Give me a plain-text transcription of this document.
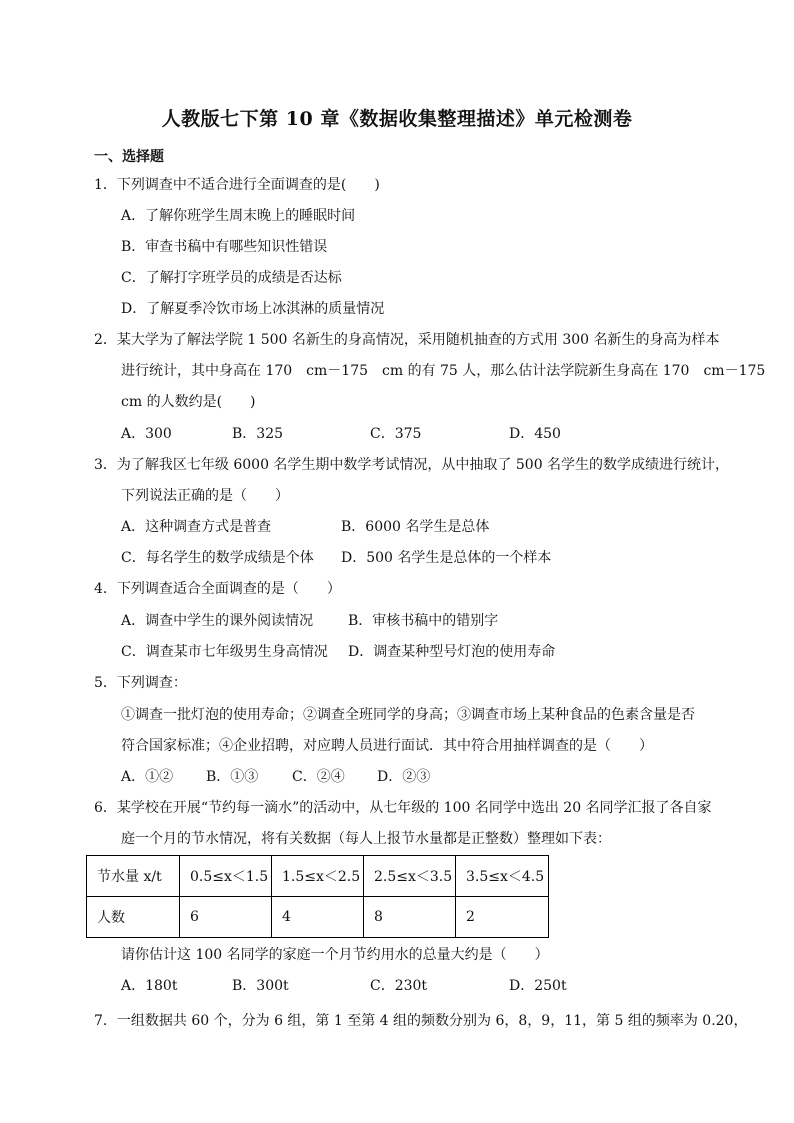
人教版七下第 10 章《数据收集整理描述》单元检测卷
一、选择题
1．下列调查中不适合进行全面调查的是(　　)
A．了解你班学生周末晚上的睡眠时间
B．审查书稿中有哪些知识性错误
C．了解打字班学员的成绩是否达标
D．了解夏季冷饮市场上冰淇淋的质量情况
2．某大学为了解法学院 1 500 名新生的身高情况，采用随机抽查的方式用 300 名新生的身高为样本
进行统计，其中身高在 170　cm－175　cm 的有 75 人，那么估计法学院新生身高在 170　cm－175
cm 的人数约是(　　)
A．300	B．325	C．375	D．450
3．为了解我区七年级 6000 名学生期中数学考试情况，从中抽取了 500 名学生的数学成绩进行统计，
下列说法正确的是（　　）
A．这种调查方式是普查	B．6000 名学生是总体
C．每名学生的数学成绩是个体 D．500 名学生是总体的一个样本
4．下列调查适合全面调查的是（　　）
A．调查中学生的课外阅读情况 B．审核书稿中的错别字
C．调查某市七年级男生身高情况 D．调查某种型号灯泡的使用寿命
5．下列调查：
①调查一批灯泡的使用寿命；②调查全班同学的身高；③调查市场上某种食品的色素含量是否
符合国家标准；④企业招聘，对应聘人员进行面试．其中符合用抽样调查的是（　　）
A．①② B．①③ C．②④ D．②③
6．某学校在开展“节约每一滴水”的活动中，从七年级的 100 名同学中选出 20 名同学汇报了各自家
庭一个月的节水情况，将有关数据（每人上报节水量都是正整数）整理如下表：
节水量 x/t	0.5≤x＜1.5	1.5≤x＜2.5	2.5≤x＜3.5	3.5≤x＜4.5
人数	6	4	8	2
请你估计这 100 名同学的家庭一个月节约用水的总量大约是（　　）
A．180t	B．300t	C．230t	D．250t
7．一组数据共 60 个，分为 6 组，第 1 至第 4 组的频数分别为 6，8，9，11，第 5 组的频率为 0.20，
